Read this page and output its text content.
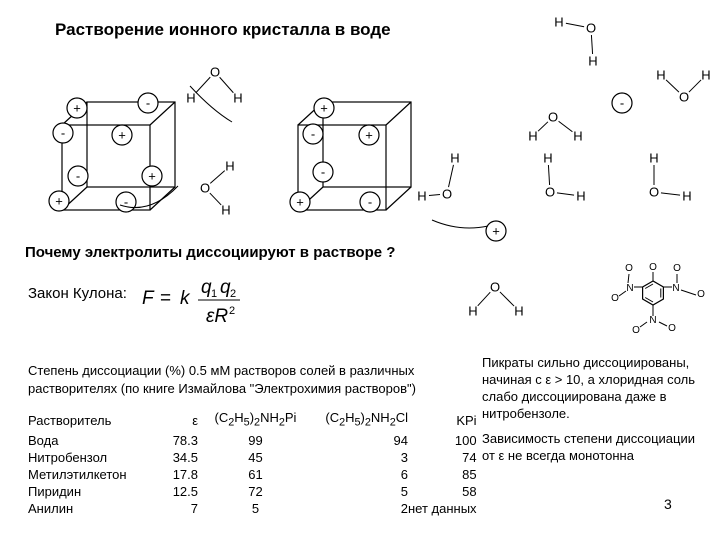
Растворение ионного кристалла в воде
+	-
-	+
-	+
+	-
+
-	+
-
+	-
-
+
H	H
O
H
H
O
H
H O
H
H
O
H	H
O
H
H
O
H
H
O
H	H
O
H	H
O
O
N
O
O
N
O
O
N
O	O
Почему электролиты диссоциируют в растворе ?
Закон Кулона: F = k
q 1 q 2
εR 2
Степень диссоциации (%) 0.5 мМ растворов солей в различных
растворителях (по книге Измайлова "Электрохимия растворов")
Растворитель	ε	$(C_2H_5)_2NH_2Pi$	$(C_2H_5)_2NH_2Cl$	KPi
Вода	78.3	99	94	100
Нитробензол	34.5	45	3	74
Метилэтилкетон	17.8	61	6	85
Пиридин	12.5	72	5	58
Анилин	7	5	2	нет данных

Пикраты сильно диссоциированы, начиная с ε > 10, а хлоридная соль слабо диссоциирована даже в нитробензоле.

Зависимость степени диссоциации от ε не всегда монотонна

3
